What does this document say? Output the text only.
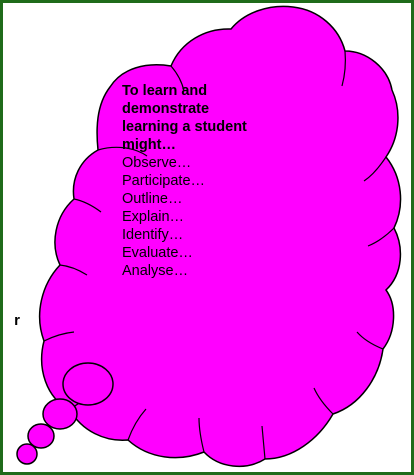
r
To learn and
demonstrate
learning a student
might…
Observe…
Participate…
Outline…
Explain…
Identify…
Evaluate…
Analyse…
